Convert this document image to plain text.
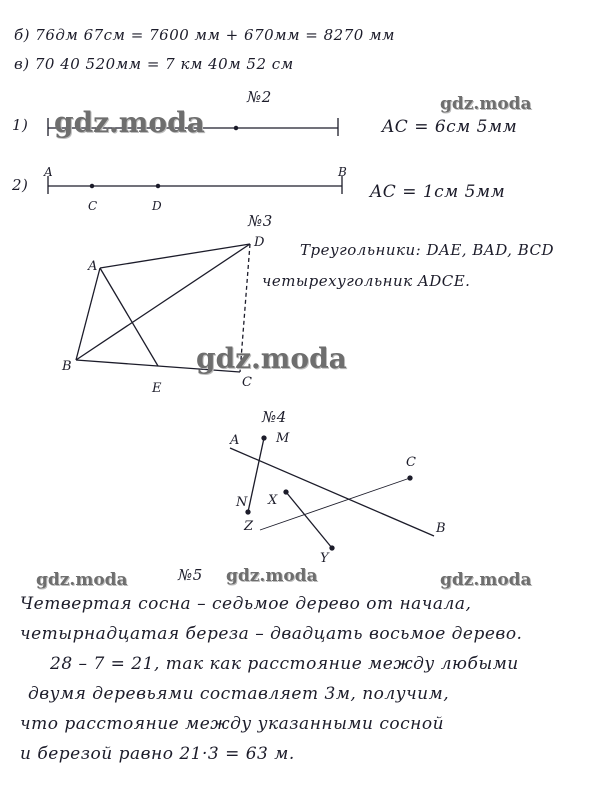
б) 76дм 67см = 7600 мм + 670мм = 8270 мм
в) 70 40 520мм = 7 км 40м 52 см
№2
1)
2)
AC = 6см 5мм
AC = 1см 5мм
№3
Треугольники: DAE, BAD, BCD
четырехугольник ADCE.
№4
№5
Четвертая сосна – седьмое дерево от начала,
четырнадцатая береза – двадцать восьмое дерево.
28 – 7 = 21, так как расстояние между любыми
двумя деревьями составляет 3м, получим,
что расстояние между указанными сосной
и березой равно 21·3 = 63 м.
A
C	D
B
A
D
B
E	C
A	M
N X
Y
B
Z
C
gdz.moda
gdz.moda
gdz.moda
gdz.moda	gdz.moda	gdz.moda
